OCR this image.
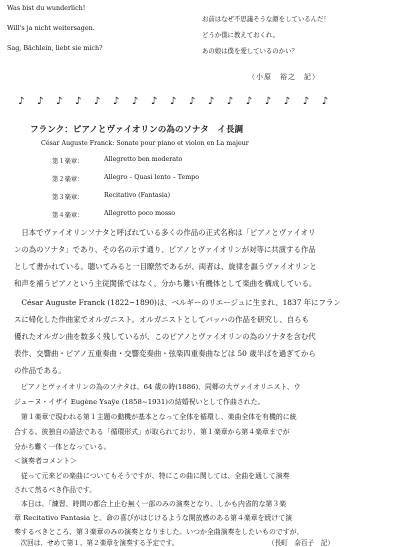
Was bist du wunderlich!
Will's ja nicht weitersagen.
Sag, Bächlein, liebt sie mich?
お前はなぜ不思議そうな顔をしているんだ！
どうか僕に教えておくれ。
あの娘は僕を愛しているのかい？
（小原　裕之　記）
♪♪♪♪♪♪♪♪♪♪♪♪♪♪♪♪♪
フランク：ピアノとヴァイオリンの為のソナタ　イ長調
César Auguste Franck: Sonate pour piano et violon en La majeur
第１楽章：	Allegretto ben moderato
第２楽章：	Allegro – Quasi lento – Tempo
第３楽章：	Recitativo (Fantasia)
第４楽章：	Allegretto poco mosso
　日本でヴァイオリンソナタと呼ばれている多くの作品の正式名称は「ピアノとヴァイオリ
ンの為のソナタ」であり、その名の示す通り、ピアノとヴァイオリンが対等に共演する作品
として書かれている。聴いてみると一目瞭然であるが、両者は、旋律を謳うヴァイオリンと
和声を補うピアノという主従関係ではなく、分かち難い有機体として楽曲を構成している。
　César Auguste Franck (1822~1890)は、ベルギーのリエージュに生まれ、1837 年にフラン
スに帰化した作曲家でオルガニスト。オルガニストとしてバッハの作品を研究し、自らも
優れたオルガン曲を数多く残しているが、このピアノとヴァイオリンの為のソナタを含む代
表作、交響曲・ピアノ五重奏曲・交響変奏曲・弦楽四重奏曲などは 50 歳半ばを過ぎてから
の作品である。
　ピアノとヴァイオリンの為のソナタは、64 歳の時(1886)、同郷の大ヴァイオリニスト、ウ
ジェーヌ・イザイ Eugène Ysaÿe (1858~1931)の結婚祝いとして作曲された。
　第１楽章で現われる第１主題の動機が基本となって全体を循環し、楽曲全体を有機的に統
合する。彼独自の語法である「循環形式」が取られており、第１楽章から第４楽章までが
分かち難く一体となっている。
＜演奏者コメント＞
　従って元来どの楽曲についてもそうですが、特にこの曲に関しては、全曲を通して演奏
されて然るべき作品です。
　本日は、「練習、時間の都合上止む無く一部のみの演奏となり、しかも内省的な第３楽
章 Recitativo Fantasia と、命の喜びがはじけるような開放感のある第４楽章を続けて演
奏するべきところ、第３楽章のみの演奏となりました。いつか全曲演奏をしたいものですが、
　次回は、せめて第１、第２楽章を演奏する予定です。	（長町　奈百子　記）
